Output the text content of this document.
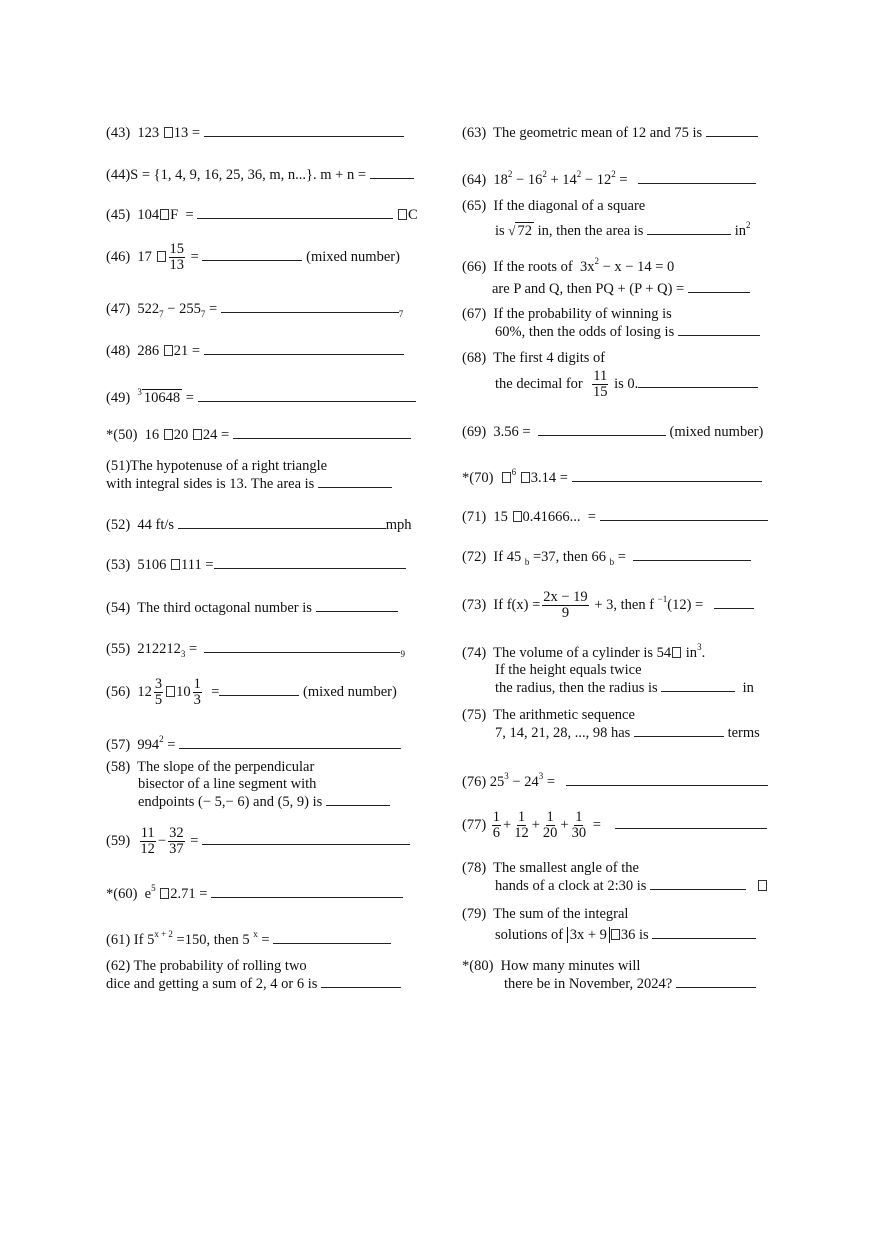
(43) 123 13 =
(44)S = {1, 4, 9, 16, 25, 36, m, n...}. m + n =
(45) 104 F  =	C
(46) $17 \frac{15}{13}$ =	(mixed number)
(47) $522_7 - 255_7$ =	$_7$
(48) 286 21 =
(49) $^3$ 10648 =
*(50) 16 20 24 =
(51)The hypotenuse of a right triangle
with integral sides is 13. The area is
(52) 44 ft/s	mph
(53) 5106 111 =
(54) The third octagonal number is
(55) $212212_3$ =	$_9$
(56) $12 \frac{3}{5} 10 \frac{1}{3}$ =	(mixed number)
(57) $994^2$ =
(58) The slope of the perpendicular
bisector of a line segment with
endpoints (− 5,− 6) and (5, 9) is
$(59) \frac{11}{12} - \frac{32}{37}$ =
*(60) $e^5$ 2.71 =
(61) If $5^{x + 2} =150$, then 5 $^x$ =
(62) The probability of rolling two
dice and getting a sum of 2, 4 or 6 is
(63) The geometric mean of 12 and 75 is
(64) $18^2 - 16^2 + 14^2 - 12^2$ =
(65) If the diagonal of a square
is √ 72 in, then the area is	$in^2$
(66)  If the roots of  $3x^2 - x - 14 = 0$
are P and Q, then PQ + (P + Q) =
(67) If the probability of winning is
60%, then the odds of losing is
(68) The first 4 digits of
the decimal for $\frac{11}{15}$ is 0.
(69) 3.56 =	(mixed number)
*(70) $^6$ 3.14 =
(71) 15 0.41666...  =
(72) If 45 $_b$ =37, then 66 $_b$ =
(73) If $f(x) = \frac{2x - 19}{9} + 3$, then f $^{-1}$(12) =
(74) The volume of a cylinder is 54 $in^3$.
If the height equals twice
the radius, then the radius is	in
(75) The arithmetic sequence
7, 14, 21, 28, ..., 98 has	terms
(76) $25^3 - 24^3$ =
$(77) \frac{1}{6} + \frac{1}{12} + \frac{1}{20} + \frac{1}{30}$ =
(78) The smallest angle of the
hands of a clock at 2:30 is
(79) The sum of the integral
solutions of 3x + 9 36 is
*(80) How many minutes will
there be in November, 2024?
